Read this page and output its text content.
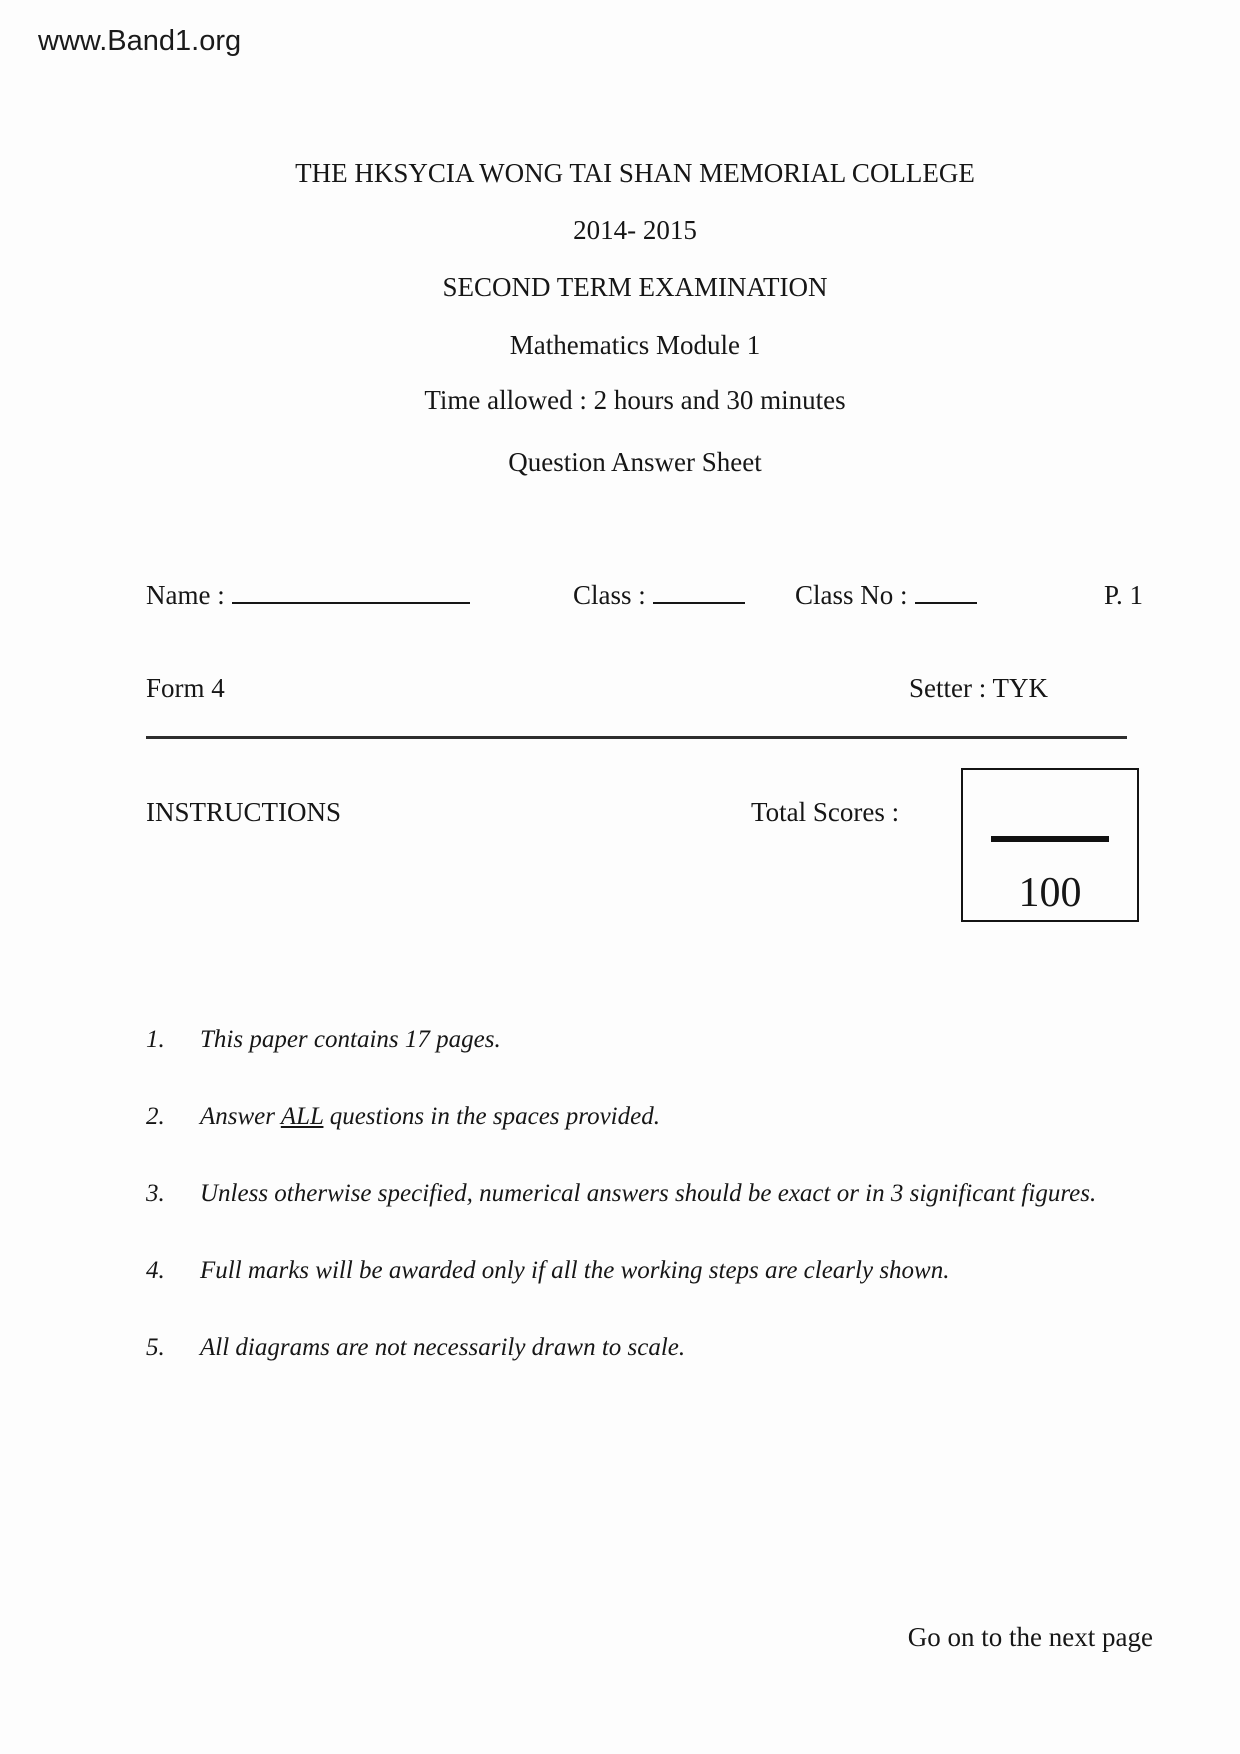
www.Band1.org
THE HKSYCIA WONG TAI SHAN MEMORIAL COLLEGE
2014- 2015
SECOND TERM EXAMINATION
Mathematics Module 1
Time allowed : 2 hours and 30 minutes
Question Answer Sheet
Name :	Class :	Class No :	P. 1
Form 4	Setter : TYK
INSTRUCTIONS	Total Scores :
100
1. This paper contains 17 pages.
2. Answer ALL questions in the spaces provided.
3. Unless otherwise specified, numerical answers should be exact or in 3 significant figures.
4. Full marks will be awarded only if all the working steps are clearly shown.
5. All diagrams are not necessarily drawn to scale.
Go on to the next page
